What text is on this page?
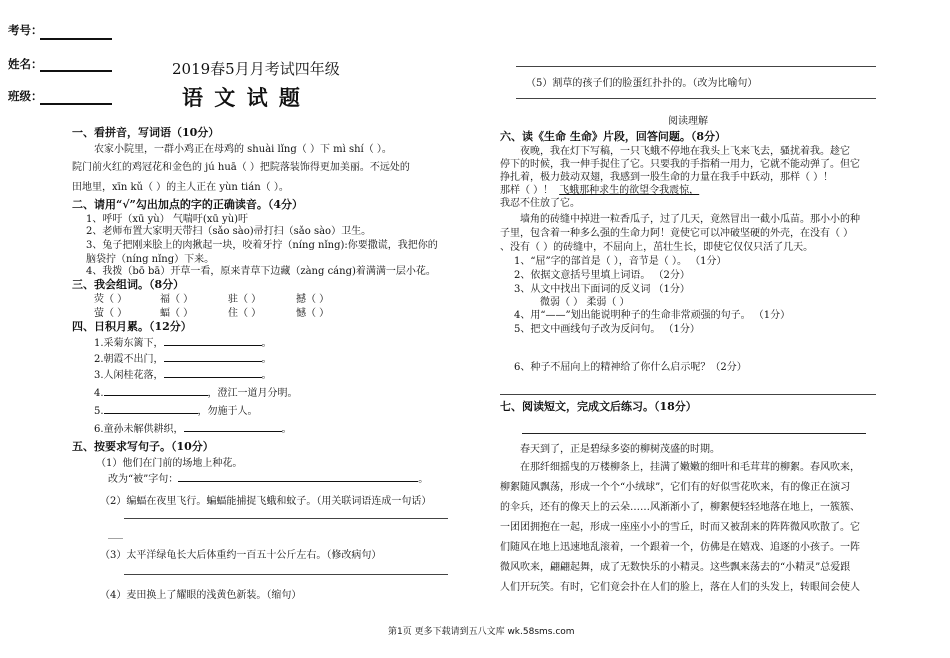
考号：
姓名：
班级：
2019春5月月考试四年级
语 文 试 题
一、看拼音，写词语（10分）
农家小院里，一群小鸡正在母鸡的 shuài lǐng（ ）下 mì shí（ ）。
院门前火红的鸡冠花和金色的 jú huā（ ）把院落装饰得更加美丽。不远处的
田地里，xīn kǔ（ ）的主人正在 yùn tián（ ）。
二、请用“√”勾出加点的字的正确读音。（4分）
1、呼吁（xū yù） 气喘吁(xū yù)吁
2、老师布置大家明天带扫（sǎo sào)帚打扫（sǎo sào）卫生。
3、兔子把刚来脍上的肉揪起一块，咬着牙拧（níng nǐng):你要撒谎，我把你的
脑袋拧（níng nǐng）下来。
4、我拨（bō bā）开草一看，原来青草下边藏（zàng cáng)着满满一层小花。
三、我会组词。（8分）
荧（ ）	福（ ）	驻（ ）	撼（ ）
萤（ ）	蝠（ ）	住（ ）	憾（ ）
四、日积月累。（12分）
1.采菊东篱下，	。
2.朝霞不出门，	。
3.人闲桂花落，	。
4.	，澄江一道月分明。
5.	，勿施于人。
6.童孙未解供耕织，	。
五、按要求写句子。（10分）
（1）他们在门前的场地上种花。
改为“被”字句：	。
（2）编蝠在夜里飞行。蝙蝠能捕捉飞蛾和蚊子。（用关联词语连成一句话）
___
（3）太平洋绿龟长大后体重约一百五十公斤左右。（修改病句）
（4）麦田换上了耀眼的浅黄色新装。（缩句）
（5）割草的孩子们的脸蛋红扑扑的。（改为比喻句）
阅读理解
六、读《生命 生命》片段，回答问题。（8分）
夜晚，我在灯下写稿，一只飞蛾不停地在我头上飞来飞去，骚扰着我。趁它
停下的时候，我一伸手捉住了它。只要我的手指稍一用力，它就不能动弹了。但它
挣扎着，极力鼓动双翅，我感到一股生命的力量在我手中跃动，那样（ ）！
那样（ ）！ 飞蛾那种求生的欲望令我震惊，
我忍不住放了它。
墙角的砖缝中掉进一粒香瓜子，过了几天，竟然冒出一截小瓜苗。那小小的种
子里，包含着一种多么强的生命力阿！竟使它可以冲破坚硬的外壳，在没有（ ）
、没有（ ）的砖缝中，不屈向上，茁壮生长，即使它仅仅只活了几天。
1、“屈”字的部首是（ ），音节是（ ）。 （1分）
2、依据文意括号里填上词语。 （2分）
3、从文中找出下面词的反义词 （1分）
微弱（ ） 柔弱（ ）
4、用“——”划出能说明种子的生命非常顽强的句子。 （1分）
5、把文中画线句子改为反问句。 （1分）
6、种子不屈向上的精神给了你什么启示呢？（2分）
七、阅读短文，完成文后练习。（18分）
春天到了，正是碧绿多姿的柳树茂盛的时期。
在那纤细摇曳的万楼柳条上，挂满了嫩嫩的细叶和毛茸茸的柳絮。春风吹来，
柳絮随风飘荡，形成一个个“小绒球”，它们有的好似雪花吹来，有的像正在演习
的伞兵，还有的像天上的云朵……风渐渐小了，柳絮便轻轻地落在地上，一簇簇、
一团团拥抱在一起，形成一座座小小的雪丘，时而又被刮来的阵阵微风吹散了。它
们随风在地上迅速地乱滚着，一个跟着一个，仿佛是在嬉戏、追逐的小孩子。一阵
微风吹来，翩翩起舞，成了无数快乐的小精灵。这些飘来荡去的“小精灵”总爱跟
人们开玩笑。有时，它们竟会扑在人们的脸上，落在人们的头发上，转眼间会使人
第1页 更多下载请到五八文库 wk.58sms.com
